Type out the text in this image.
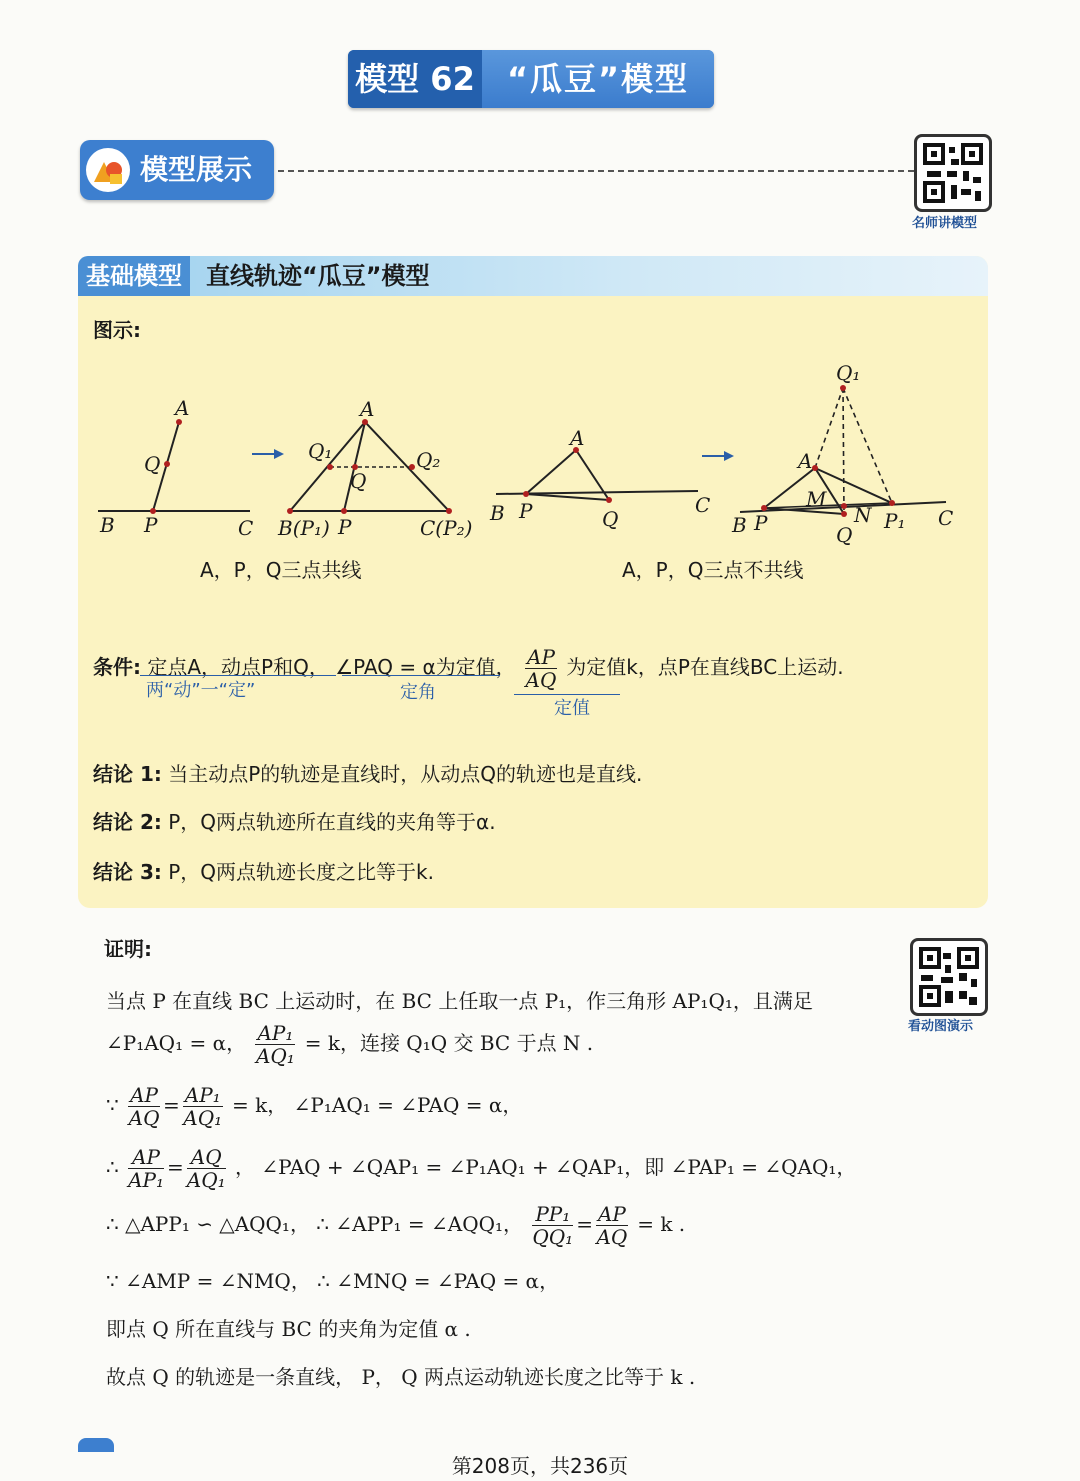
模型 62	“瓜豆”模型
模型展示
名师讲模型
基础模型	直线轨迹“瓜豆”模型
图示:
A
Q
B P	C
A
Q₁	Q₂
Q
B(P₁) P	C(P₂)
A
B P	Q
C
Q₁
A
M
N
B P	Q
P₁ C
A，P，Q三点共线	A，P，Q三点不共线
条件: 定点A，动点P和Q， ∠PAQ = α为定值， $\frac{AP}{AQ}$ 为定值k，点P在直线BC上运动.
两“动”一“定”	定角
定值
结论 1: 当主动点P的轨迹是直线时，从动点Q的轨迹也是直线.
结论 2: P，Q两点轨迹所在直线的夹角等于α.
结论 3: P，Q两点轨迹长度之比等于k.
证明:
看动图演示
当点 P 在直线 BC 上运动时，在 BC 上任取一点 P₁，作三角形 AP₁Q₁，且满足
∠P₁AQ₁ = α， $\frac{\text{AP₁}}{\text{AQ₁}} = k$，连接 Q₁Q 交 BC 于点 N .
∵ $\frac{AP}{AQ} = \frac{\text{AP₁}}{\text{AQ₁}} = k$， ∠P₁AQ₁ = ∠PAQ = α，
∴ $\frac{AP}{\text{AP₁}} = \frac{AQ}{\text{AQ₁}}$ ， ∠PAQ + ∠QAP₁ = ∠P₁AQ₁ + ∠QAP₁，即 ∠PAP₁ = ∠QAQ₁，
∴ △APP₁ ∽ △AQQ₁， ∴ ∠APP₁ = ∠AQQ₁， $\frac{\text{PP₁}}{\text{QQ₁}} = \frac{AP}{AQ} = k$ .
∵ ∠AMP = ∠NMQ， ∴ ∠MNQ = ∠PAQ = α，
即点 Q 所在直线与 BC 的夹角为定值 α .
故点 Q 的轨迹是一条直线， P， Q 两点运动轨迹长度之比等于 k .
第208页，共236页
